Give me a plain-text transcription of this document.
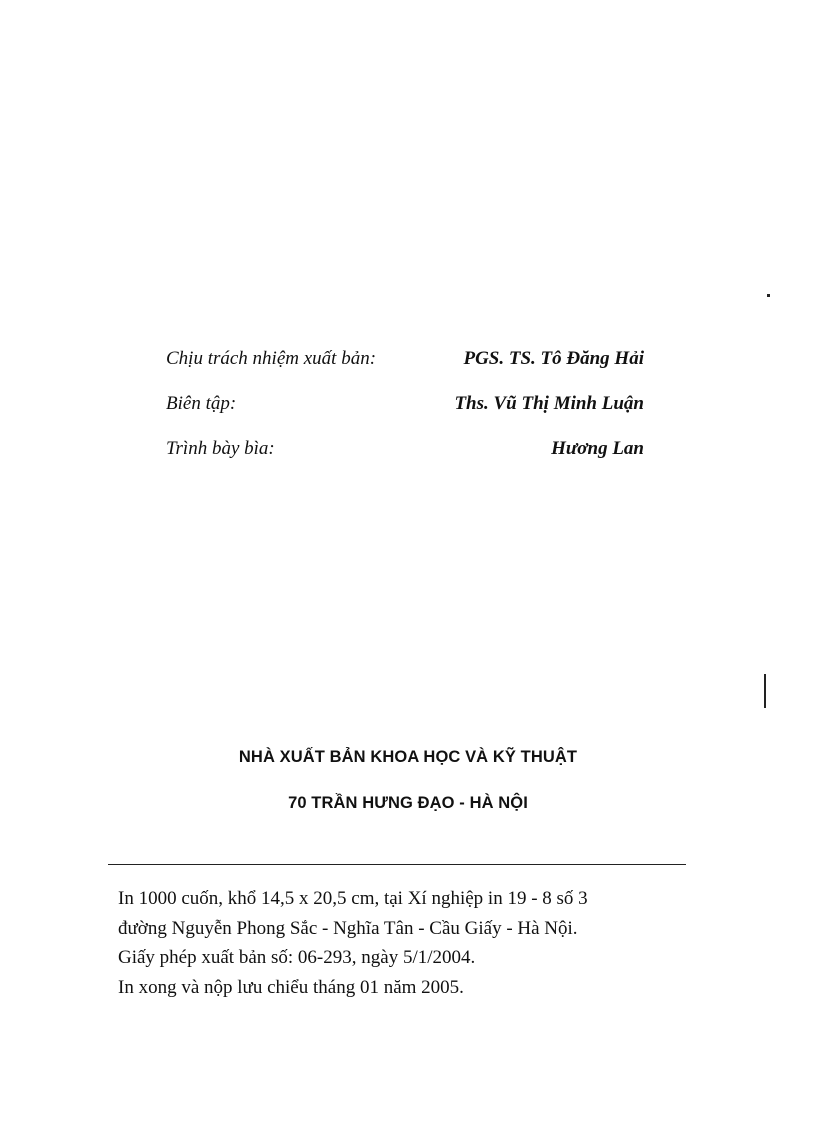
Chịu trách nhiệm xuất bản:	PGS. TS. Tô Đăng Hải
Biên tập:	Ths. Vũ Thị Minh Luận
Trình bày bìa:	Hương Lan
NHÀ XUẤT BẢN KHOA HỌC VÀ KỸ THUẬT
70 TRẦN HƯNG ĐẠO - HÀ NỘI
In 1000 cuốn, khổ 14,5 x 20,5 cm, tại Xí nghiệp in 19 - 8 số 3
đường Nguyễn Phong Sắc - Nghĩa Tân - Cầu Giấy - Hà Nội.
Giấy phép xuất bản số: 06-293, ngày 5/1/2004.
In xong và nộp lưu chiểu tháng 01 năm 2005.
